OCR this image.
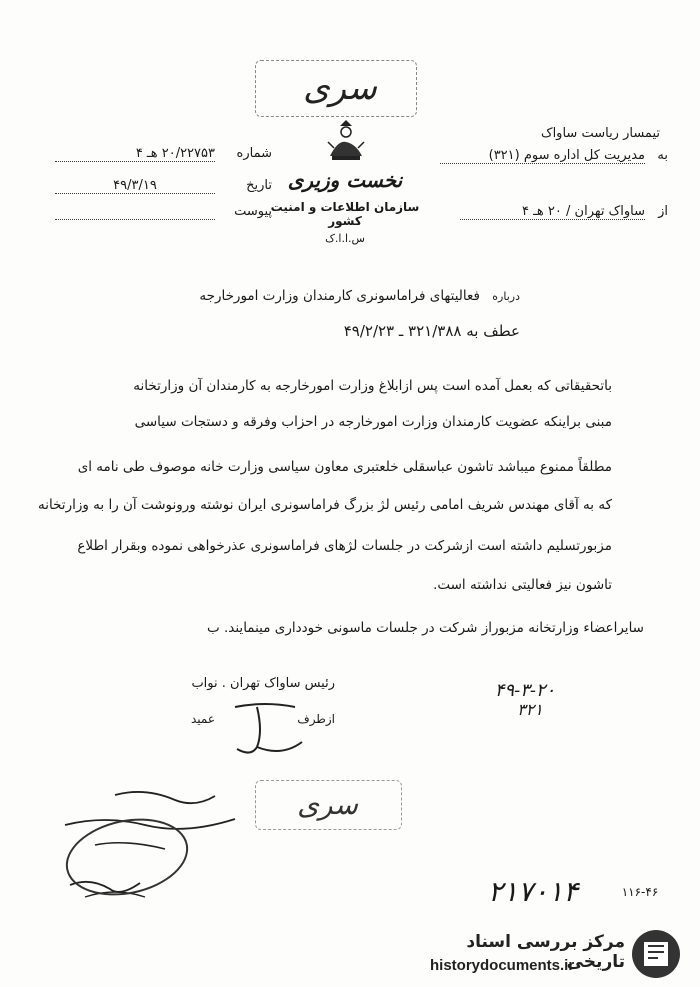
سری
نخست وزیری
سازمان اطلاعات و امنیت کشور
س.ا.ا.ک
شماره
۲۰/۲۲۷۵۳ هـ ۴
تاریخ
۴۹/۳/۱۹
پیوست
تیمسار ریاست ساواک
به
مدیریت کل اداره سوم (۳۲۱)
از
ساواک تهران / ۲۰ هـ ۴
درباره
فعالیتهای فراماسونری کارمندان وزارت امورخارجه
عطف به ۳۲۱/۳۸۸ ـ ۴۹/۲/۲۳
باتحقیقاتی که بعمل آمده است پس ازابلاغ وزارت امورخارجه به کارمندان آن وزارتخانه
مبنی براینکه عضویت کارمندان وزارت امورخارجه در احزاب وفرقه و دستجات سیاسی
مطلقاً ممنوع میباشد تاشون عباسقلی خلعتبری معاون سیاسی وزارت خانه موصوف طی نامه ای
که به آقای مهندس شریف امامی رئیس لژ بزرگ فراماسونری ایران نوشته ورونوشت آن را به وزارتخانه
مزبورتسلیم داشته است ازشرکت در جلسات لژهای فراماسونری عذرخواهی نموده وبقرار اطلاع
تاشون نیز فعالیتی نداشته است.
سایراعضاء وزارتخانه مزبوراز شرکت در جلسات ماسونی خودداری مینمایند. ب
رئیس ساواک تهران . نواب
ازطرف
عمید
۴۹-۳-۲۰
۳۲۱
سری
۲۱۷۰۱۴	۱۱۶-۴۶
مرکز بررسی اسناد تاریخی
historydocuments.ir
